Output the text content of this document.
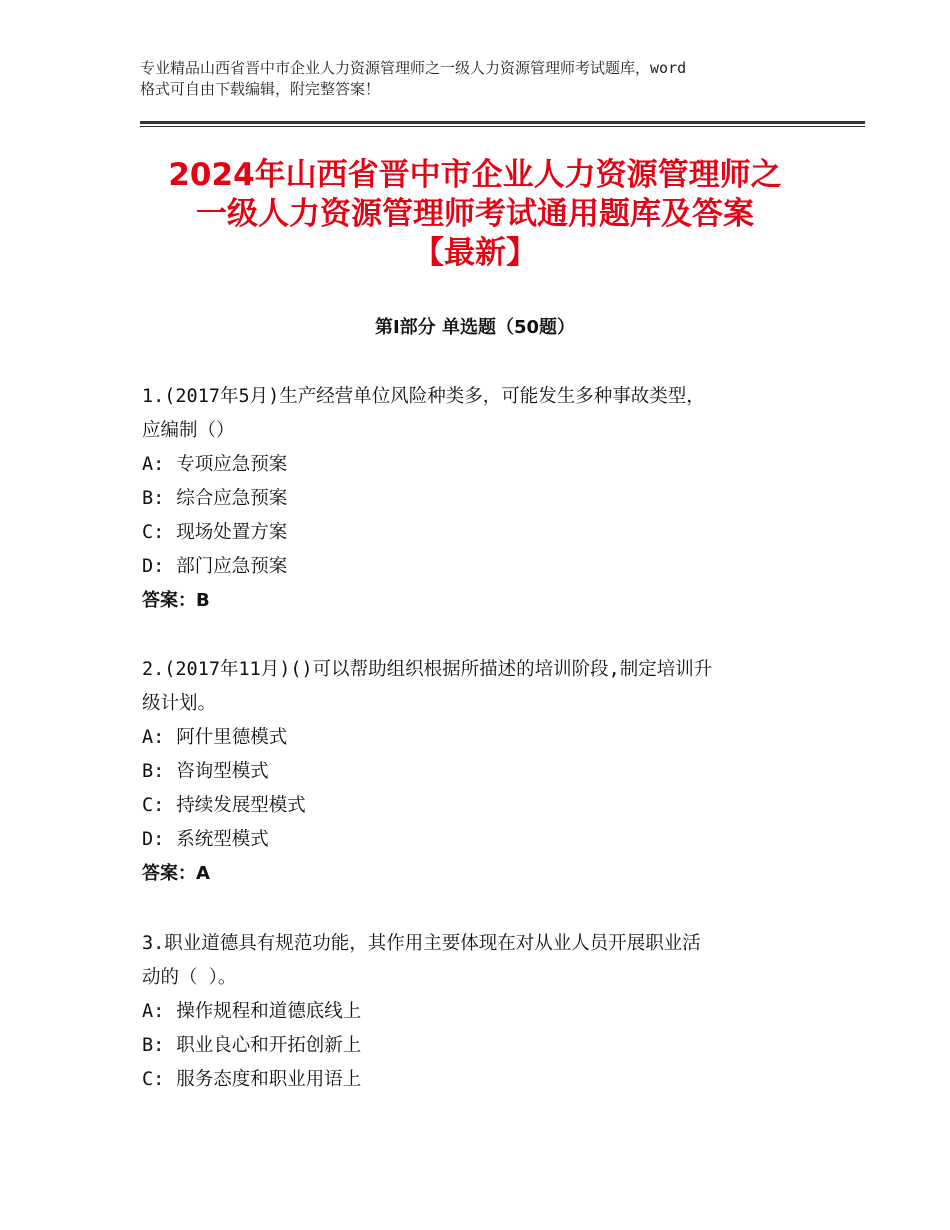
专业精品山西省晋中市企业人力资源管理师之一级人力资源管理师考试题库，word
格式可自由下载编辑，附完整答案！
2024年山西省晋中市企业人力资源管理师之
一级人力资源管理师考试通用题库及答案
【最新】
第Ⅰ部分 单选题（50题）

1.(2017年5月)生产经营单位风险种类多，可能发生多种事故类型，

应编制（）

A: 专项应急预案

B: 综合应急预案

C: 现场处置方案

D: 部门应急预案

答案：B

2.(2017年11月)()可以帮助组织根据所描述的培训阶段,制定培训升

级计划。

A: 阿什里德模式

B: 咨询型模式

C: 持续发展型模式

D: 系统型模式

答案：A

3.职业道德具有规范功能，其作用主要体现在对从业人员开展职业活

动的（ ）。

A: 操作规程和道德底线上

B: 职业良心和开拓创新上

C: 服务态度和职业用语上
